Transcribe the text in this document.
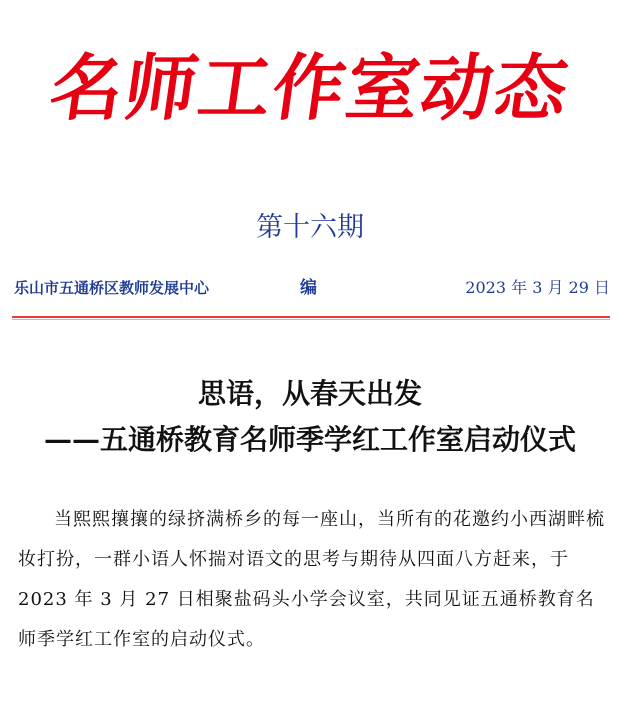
名师工作室动态
第十六期
乐山市五通桥区教师发展中心	编	2023 年 3 月 29 日
思语，从春天出发
——五通桥教育名师季学红工作室启动仪式

当熙熙攘攘的绿挤满桥乡的每一座山，当所有的花邀约小西湖畔梳妆打扮，一群小语人怀揣对语文的思考与期待从四面八方赶来，于 2023 年 3 月 27 日相聚盐码头小学会议室，共同见证五通桥教育名师季学红工作室的启动仪式。
